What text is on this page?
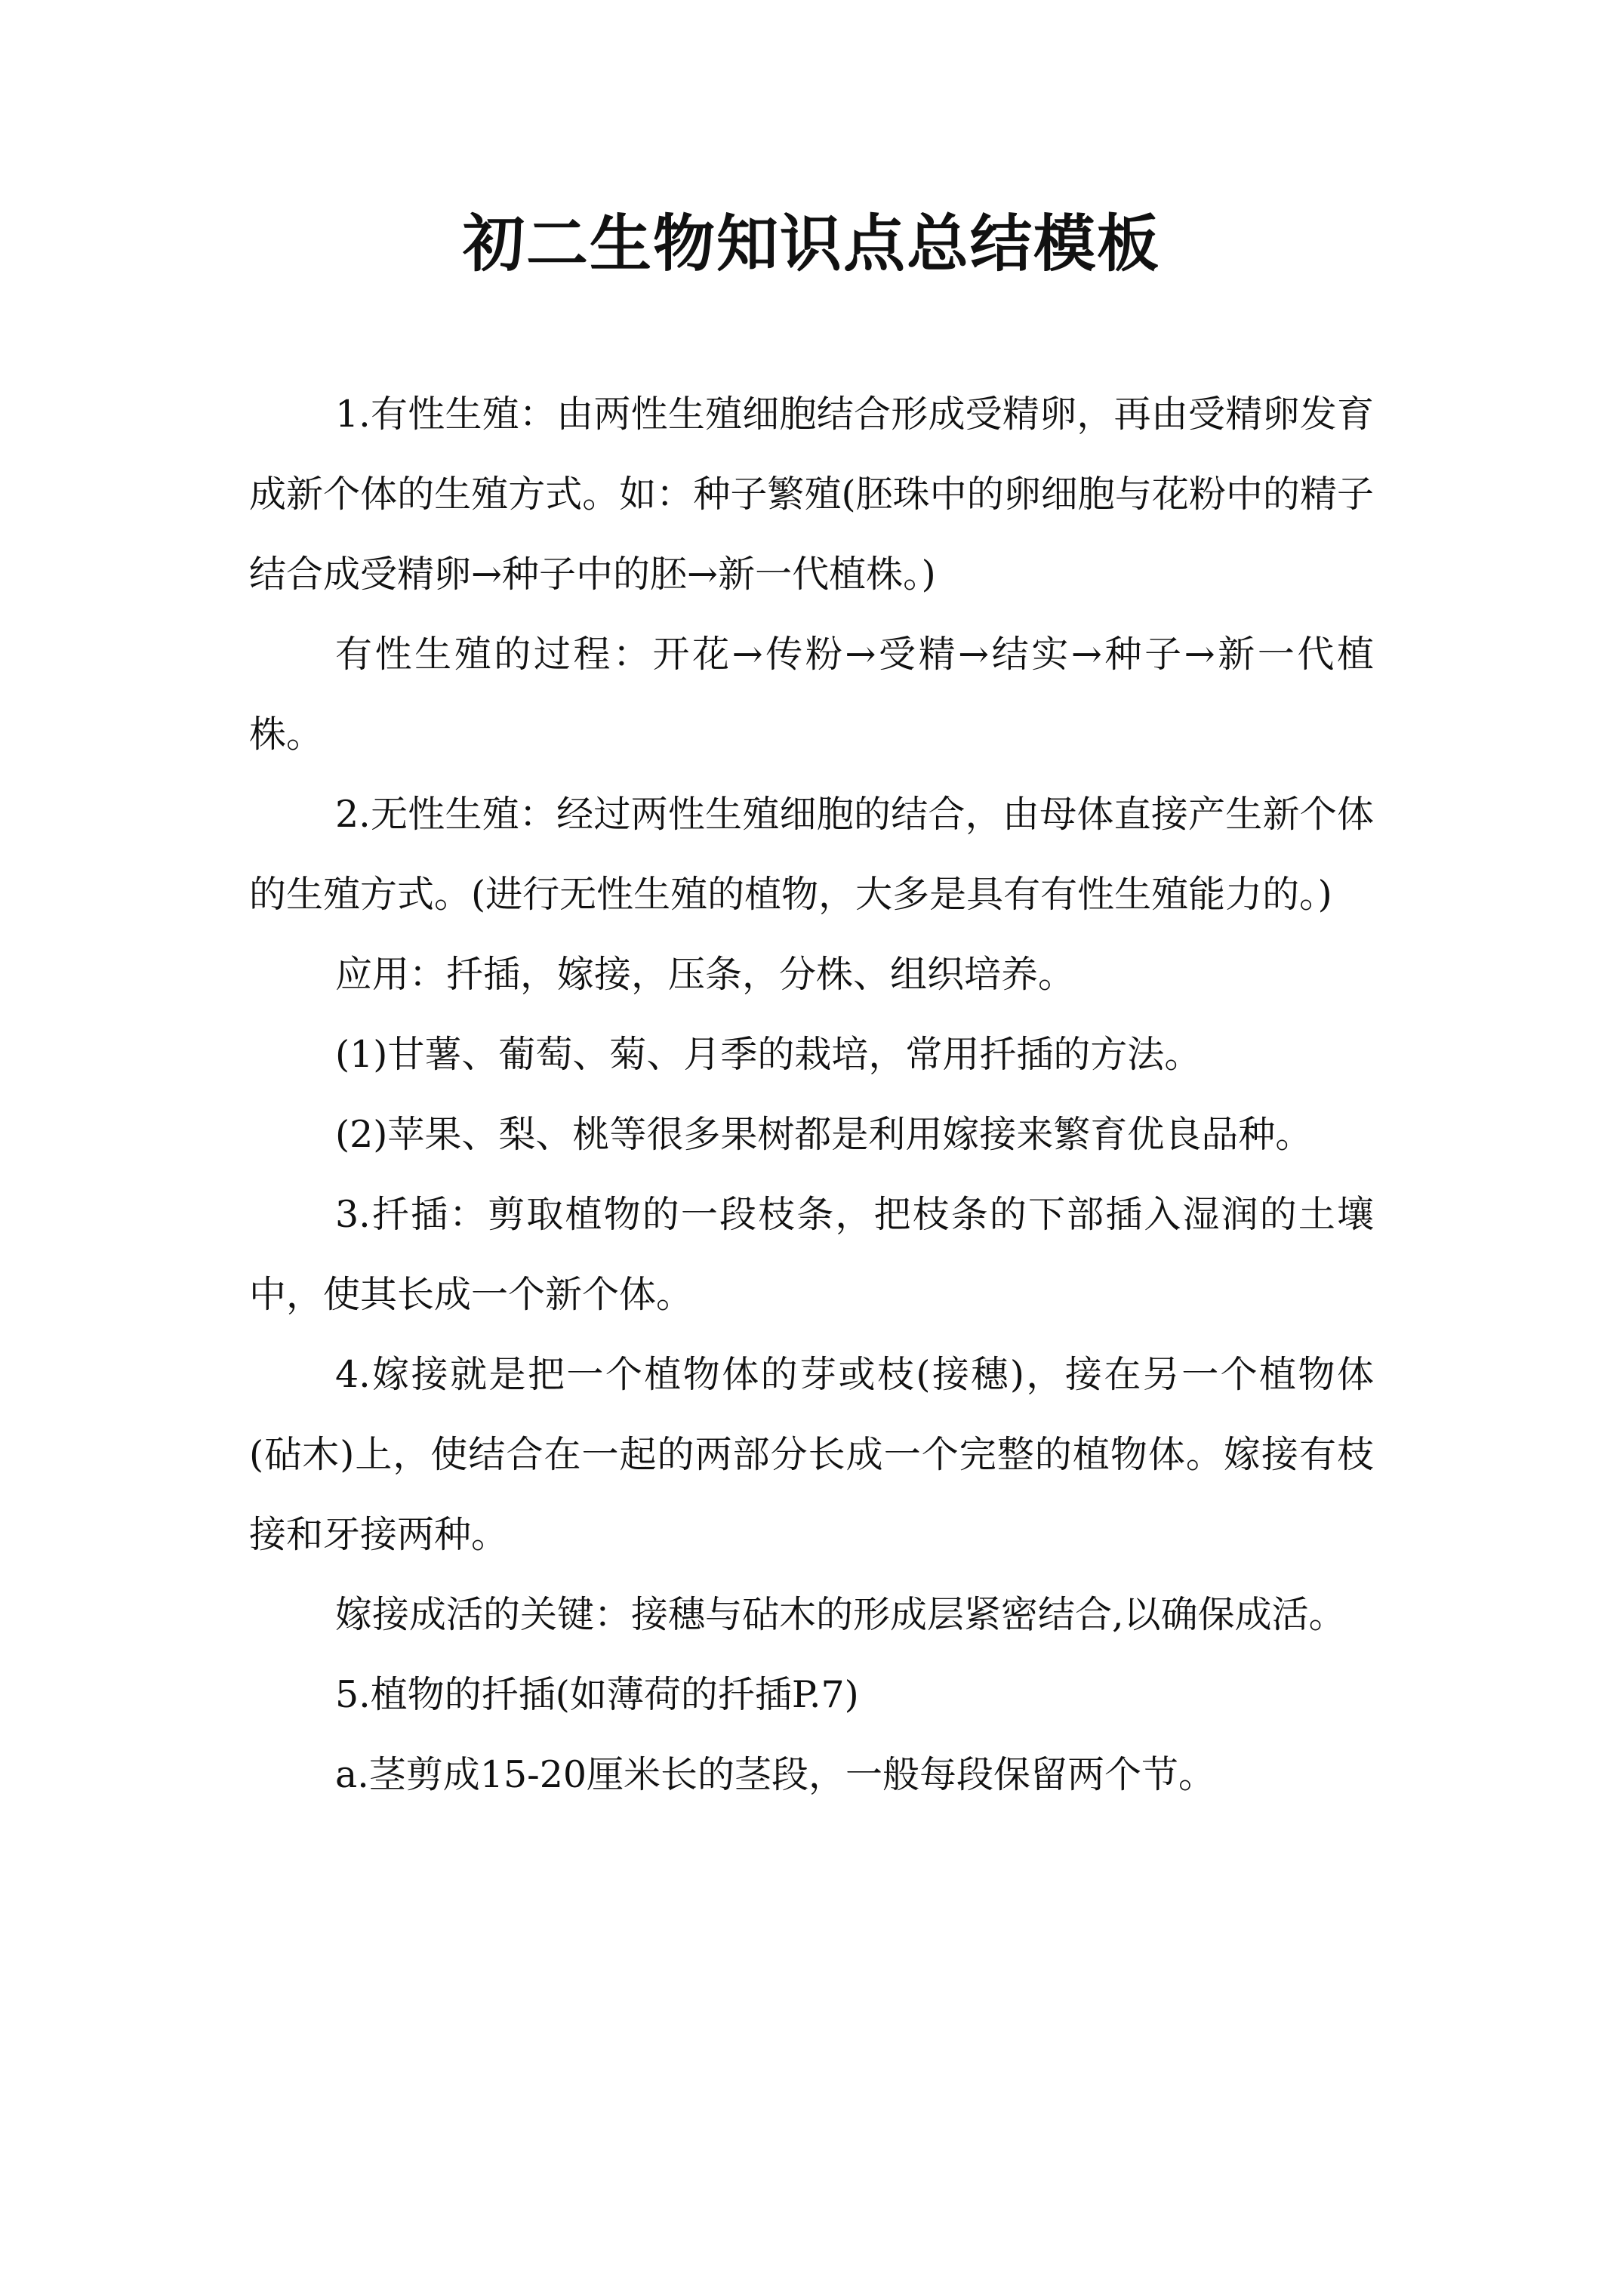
初二生物知识点总结模板

1.有性生殖：由两性生殖细胞结合形成受精卵，再由受精卵发育成新个体的生殖方式。如：种子繁殖(胚珠中的卵细胞与花粉中的精子结合成受精卵→种子中的胚→新一代植株。)

有性生殖的过程：开花→传粉→受精→结实→种子→新一代植株。

2.无性生殖：经过两性生殖细胞的结合，由母体直接产生新个体的生殖方式。(进行无性生殖的植物，大多是具有有性生殖能力的。)

应用：扦插，嫁接，压条，分株、组织培养。

(1)甘薯、葡萄、菊、月季的栽培，常用扦插的方法。

(2)苹果、梨、桃等很多果树都是利用嫁接来繁育优良品种。

3.扦插：剪取植物的一段枝条，把枝条的下部插入湿润的土壤中，使其长成一个新个体。

4.嫁接就是把一个植物体的芽或枝(接穗)，接在另一个植物体(砧木)上，使结合在一起的两部分长成一个完整的植物体。嫁接有枝接和牙接两种。

嫁接成活的关键：接穗与砧木的形成层紧密结合,以确保成活。

5.植物的扦插(如薄荷的扦插P.7)

a.茎剪成15-20厘米长的茎段，一般每段保留两个节。
